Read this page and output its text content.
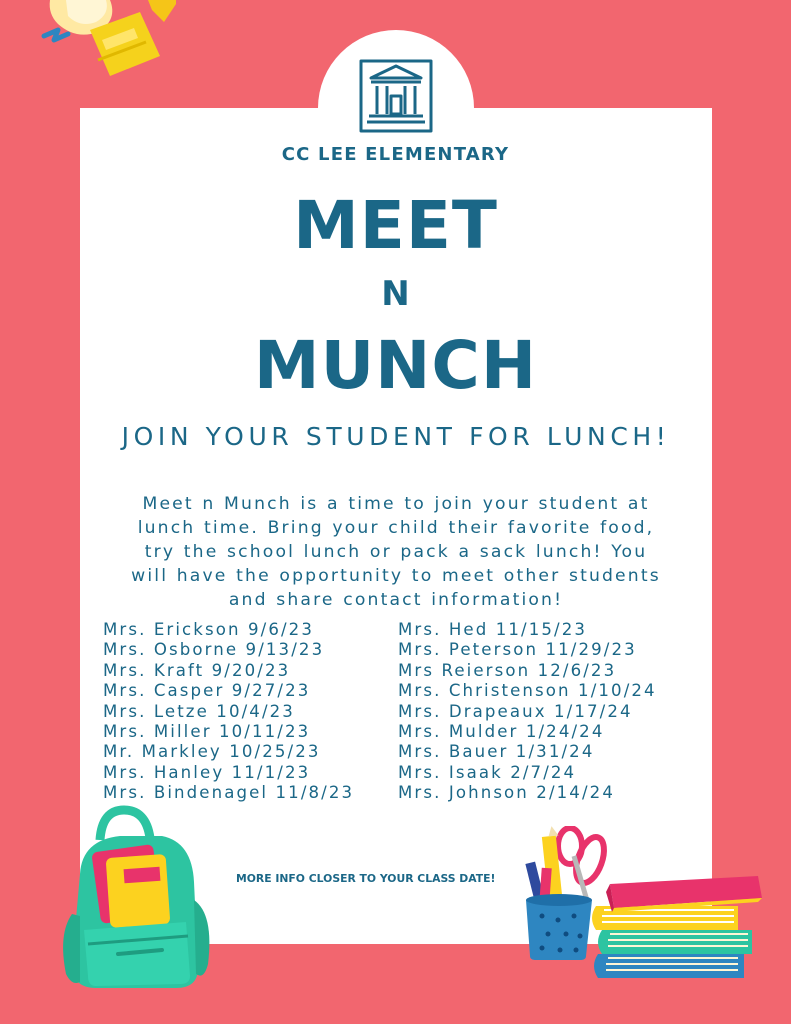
CC LEE ELEMENTARY
MEET
N
MUNCH
JOIN YOUR STUDENT FOR LUNCH!
Meet n Munch is a time to join your student at
lunch time. Bring your child their favorite food,
try the school lunch or pack a sack lunch! You
will have the opportunity to meet other students
and share contact information!
Mrs. Erickson 9/6/23
Mrs. Osborne 9/13/23
Mrs. Kraft 9/20/23
Mrs. Casper 9/27/23
Mrs. Letze 10/4/23
Mrs. Miller 10/11/23
Mr. Markley 10/25/23
Mrs. Hanley 11/1/23
Mrs. Bindenagel 11/8/23
Mrs. Hed 11/15/23
Mrs. Peterson 11/29/23
Mrs Reierson 12/6/23
Mrs. Christenson 1/10/24
Mrs. Drapeaux 1/17/24
Mrs. Mulder 1/24/24
Mrs. Bauer 1/31/24
Mrs. Isaak 2/7/24
Mrs. Johnson 2/14/24
MORE INFO CLOSER TO YOUR CLASS DATE!
